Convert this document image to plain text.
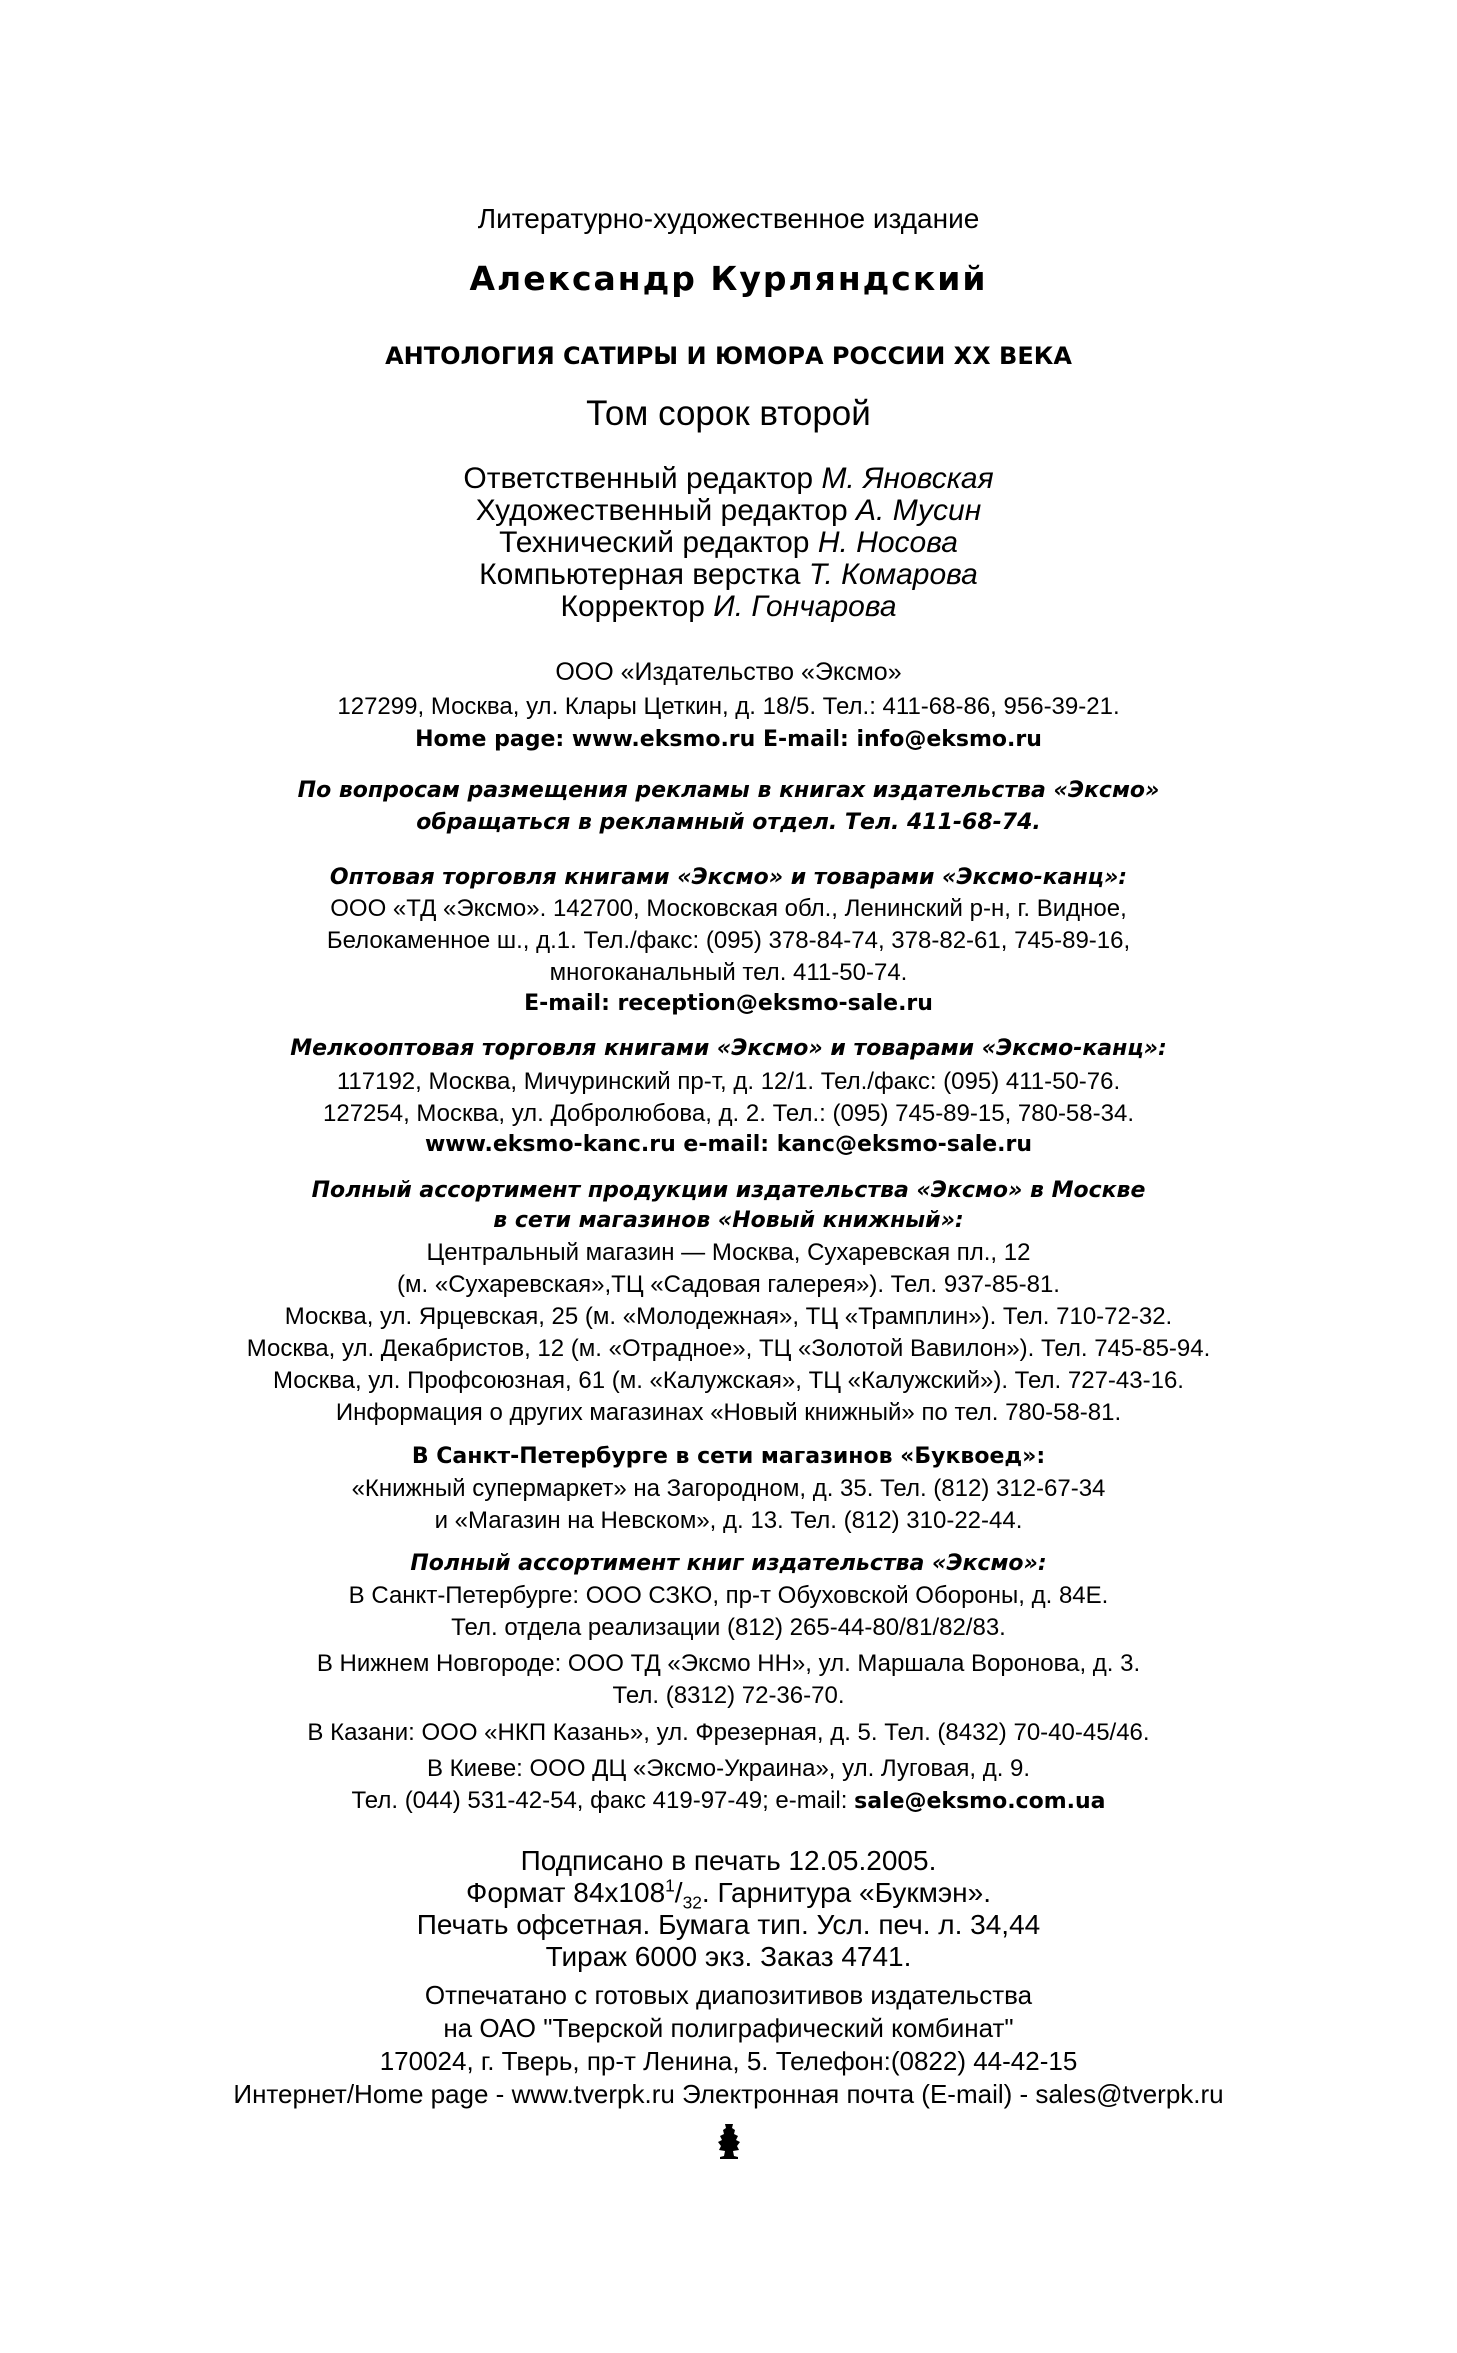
Литературно-художественное издание
Александр Курляндский
АНТОЛОГИЯ САТИРЫ И ЮМОРА РОССИИ XX ВЕКА
Том сорок второй
Ответственный редактор М. Яновская
Художественный редактор А. Мусин
Технический редактор Н. Носова
Компьютерная верстка Т. Комарова
Корректор И. Гончарова
ООО «Издательство «Эксмо»
127299, Москва, ул. Клары Цеткин, д. 18/5. Тел.: 411-68-86, 956-39-21.
Home page: www.eksmo.ru E-mail: info@eksmo.ru
По вопросам размещения рекламы в книгах издательства «Эксмо»
обращаться в рекламный отдел. Тел. 411-68-74.
Оптовая торговля книгами «Эксмо» и товарами «Эксмо-канц»:
ООО «ТД «Эксмо». 142700, Московская обл., Ленинский р-н, г. Видное,
Белокаменное ш., д.1. Тел./факс: (095) 378-84-74, 378-82-61, 745-89-16,
многоканальный тел. 411-50-74.
E-mail: reception@eksmo-sale.ru
Мелкооптовая торговля книгами «Эксмо» и товарами «Эксмо-канц»:
117192, Москва, Мичуринский пр-т, д. 12/1. Тел./факс: (095) 411-50-76.
127254, Москва, ул. Добролюбова, д. 2. Тел.: (095) 745-89-15, 780-58-34.
www.eksmo-kanc.ru e-mail: kanc@eksmo-sale.ru
Полный ассортимент продукции издательства «Эксмо» в Москве
в сети магазинов «Новый книжный»:
Центральный магазин — Москва, Сухаревская пл., 12
(м. «Сухаревская»,ТЦ «Садовая галерея»). Тел. 937-85-81.
Москва, ул. Ярцевская, 25 (м. «Молодежная», ТЦ «Трамплин»). Тел. 710-72-32.
Москва, ул. Декабристов, 12 (м. «Отрадное», ТЦ «Золотой Вавилон»). Тел. 745-85-94.
Москва, ул. Профсоюзная, 61 (м. «Калужская», ТЦ «Калужский»). Тел. 727-43-16.
Информация о других магазинах «Новый книжный» по тел. 780-58-81.
В Санкт-Петербурге в сети магазинов «Буквоед»:
«Книжный супермаркет» на Загородном, д. 35. Тел. (812) 312-67-34
и «Магазин на Невском», д. 13. Тел. (812) 310-22-44.
Полный ассортимент книг издательства «Эксмо»:
В Санкт-Петербурге: ООО СЗКО, пр-т Обуховской Обороны, д. 84Е.
Тел. отдела реализации (812) 265-44-80/81/82/83.
В Нижнем Новгороде: ООО ТД «Эксмо НН», ул. Маршала Воронова, д. 3.
Тел. (8312) 72-36-70.
В Казани: ООО «НКП Казань», ул. Фрезерная, д. 5. Тел. (8432) 70-40-45/46.
В Киеве: ООО ДЦ «Эксмо-Украина», ул. Луговая, д. 9.
Тел. (044) 531-42-54, факс 419-97-49; e-mail: sale@eksmo.com.ua
Подписано в печать 12.05.2005.
Формат $84х108^1/_{32}$. Гарнитура «Букмэн».
Печать офсетная. Бумага тип. Усл. печ. л. 34,44
Тираж 6000 экз. Заказ 4741.
Отпечатано с готовых диапозитивов издательства
на ОАО "Тверской полиграфический комбинат"
170024, г. Тверь, пр-т Ленина, 5. Телефон:(0822) 44-42-15
Интернет/Home page - www.tverpk.ru Электронная почта (E-mail) - sales@tverpk.ru
